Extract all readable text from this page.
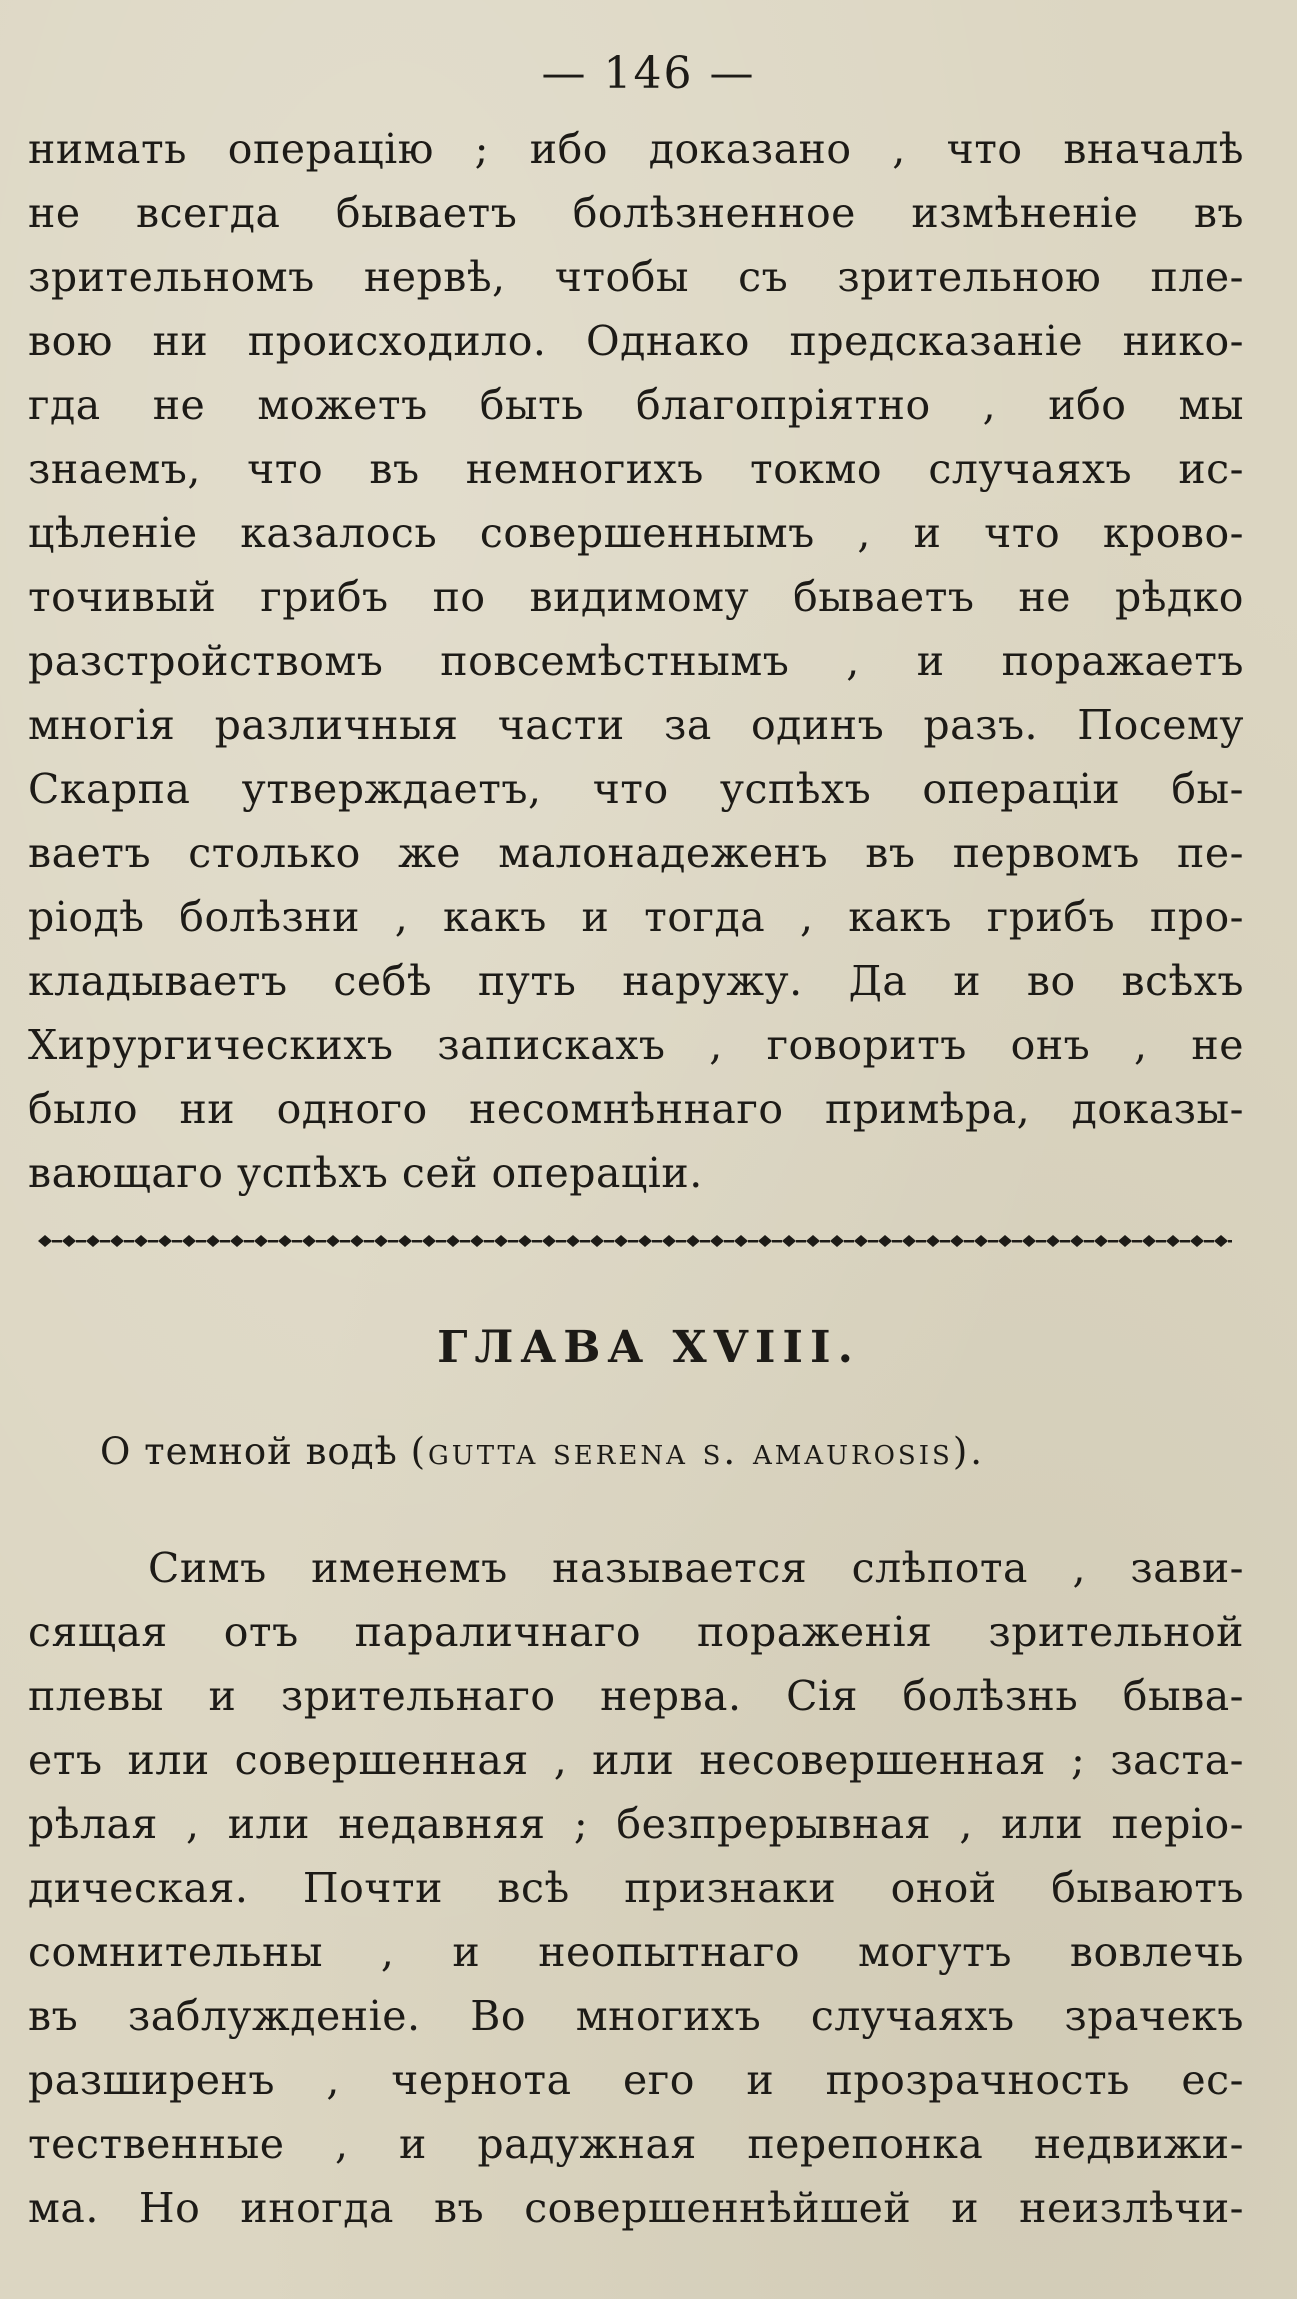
— 146 —
нимать операцію ; ибо доказано , что вначалѣ
не всегда бываетъ болѣзненное измѣненіе въ
зрительномъ нервѣ, чтобы съ зрительною пле-
вою ни происходило. Однако предсказаніе нико-
гда не можетъ быть благопріятно , ибо мы
знаемъ, что въ немногихъ токмо случаяхъ ис-
цѣленіе казалось совершеннымъ , и что крово-
точивый грибъ по видимому бываетъ не рѣдко
разстройствомъ повсемѣстнымъ , и поражаетъ
многія различныя части за одинъ разъ. Посему
Скарпа утверждаетъ, что успѣхъ операціи бы-
ваетъ столько же малонадеженъ въ первомъ пе-
ріодѣ болѣзни , какъ и тогда , какъ грибъ про-
кладываетъ себѣ путь наружу. Да и во всѣхъ
Хирургическихъ запискахъ , говоритъ онъ , не
было ни одного несомнѣннаго примѣра, доказы-
вающаго успѣхъ сей операціи.
ГЛАВА XVIII.
О темной водѣ (gutta serena s. amaurosis).
Симъ именемъ называется слѣпота , зави-
сящая отъ параличнаго пораженія зрительной
плевы и зрительнаго нерва. Сія болѣзнь быва-
етъ или совершенная , или несовершенная ; заста-
рѣлая , или недавняя ; безпрерывная , или періо-
дическая. Почти всѣ признаки оной бываютъ
сомнительны , и неопытнаго могутъ вовлечь
въ заблужденіе. Во многихъ случаяхъ зрачекъ
разширенъ , чернота его и прозрачность ес-
тественные , и радужная перепонка недвижи-
ма. Но иногда въ совершеннѣйшей и неизлѣчи-
